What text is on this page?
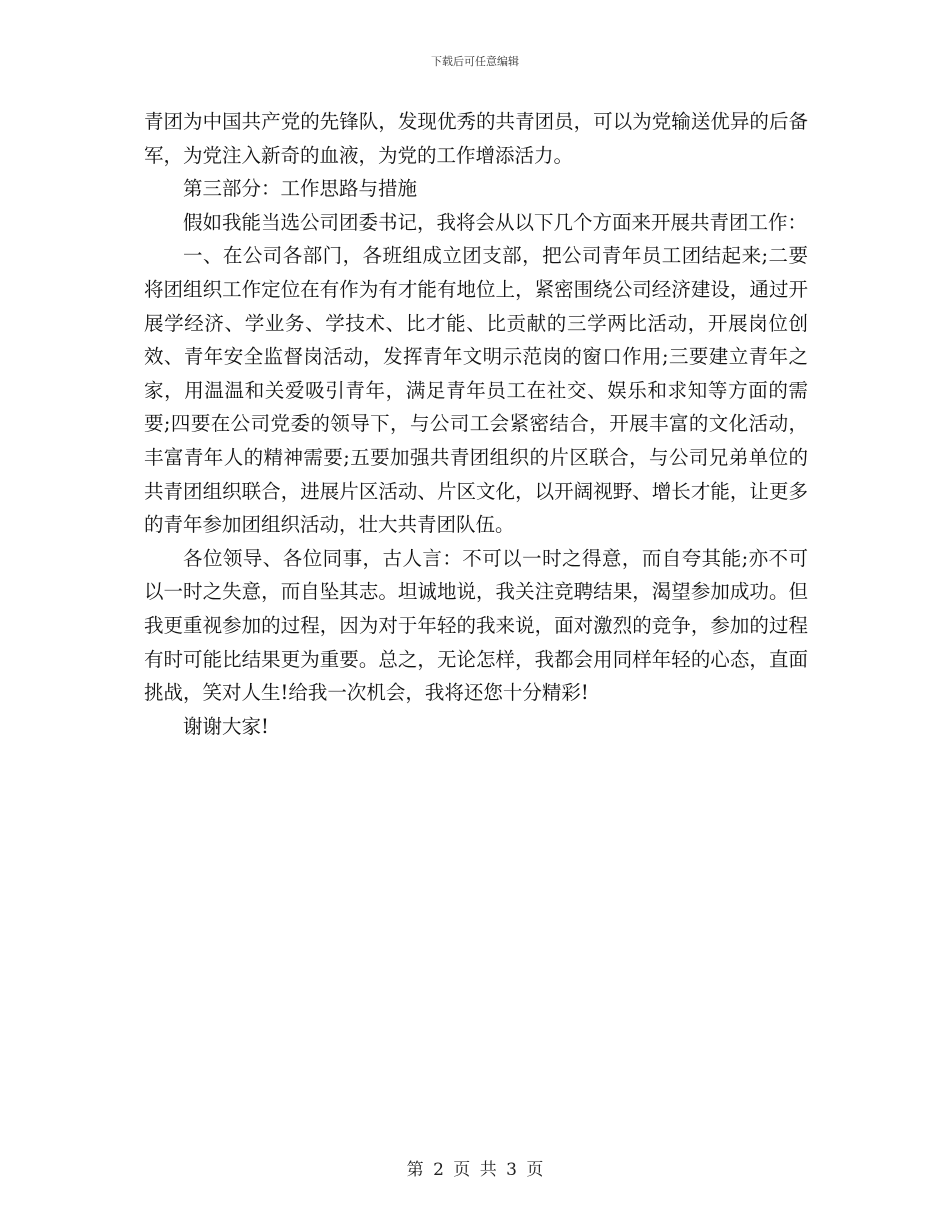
下载后可任意编辑

青团为中国共产党的先锋队，发现优秀的共青团员，可以为党输送优异的后备军，为党注入新奇的血液，为党的工作增添活力。

第三部分：工作思路与措施

假如我能当选公司团委书记，我将会从以下几个方面来开展共青团工作：

一、在公司各部门，各班组成立团支部，把公司青年员工团结起来;二要将团组织工作定位在有作为有才能有地位上，紧密围绕公司经济建设，通过开展学经济、学业务、学技术、比才能、比贡献的三学两比活动，开展岗位创效、青年安全监督岗活动，发挥青年文明示范岗的窗口作用;三要建立青年之家，用温温和关爱吸引青年，满足青年员工在社交、娱乐和求知等方面的需要;四要在公司党委的领导下，与公司工会紧密结合，开展丰富的文化活动，丰富青年人的精神需要;五要加强共青团组织的片区联合，与公司兄弟单位的共青团组织联合，进展片区活动、片区文化，以开阔视野、增长才能，让更多的青年参加团组织活动，壮大共青团队伍。

各位领导、各位同事，古人言：不可以一时之得意，而自夸其能;亦不可以一时之失意，而自坠其志。坦诚地说，我关注竞聘结果，渴望参加成功。但我更重视参加的过程，因为对于年轻的我来说，面对激烈的竞争，参加的过程有时可能比结果更为重要。总之，无论怎样，我都会用同样年轻的心态，直面挑战，笑对人生!给我一次机会，我将还您十分精彩!

谢谢大家!

第 2 页 共 3 页
